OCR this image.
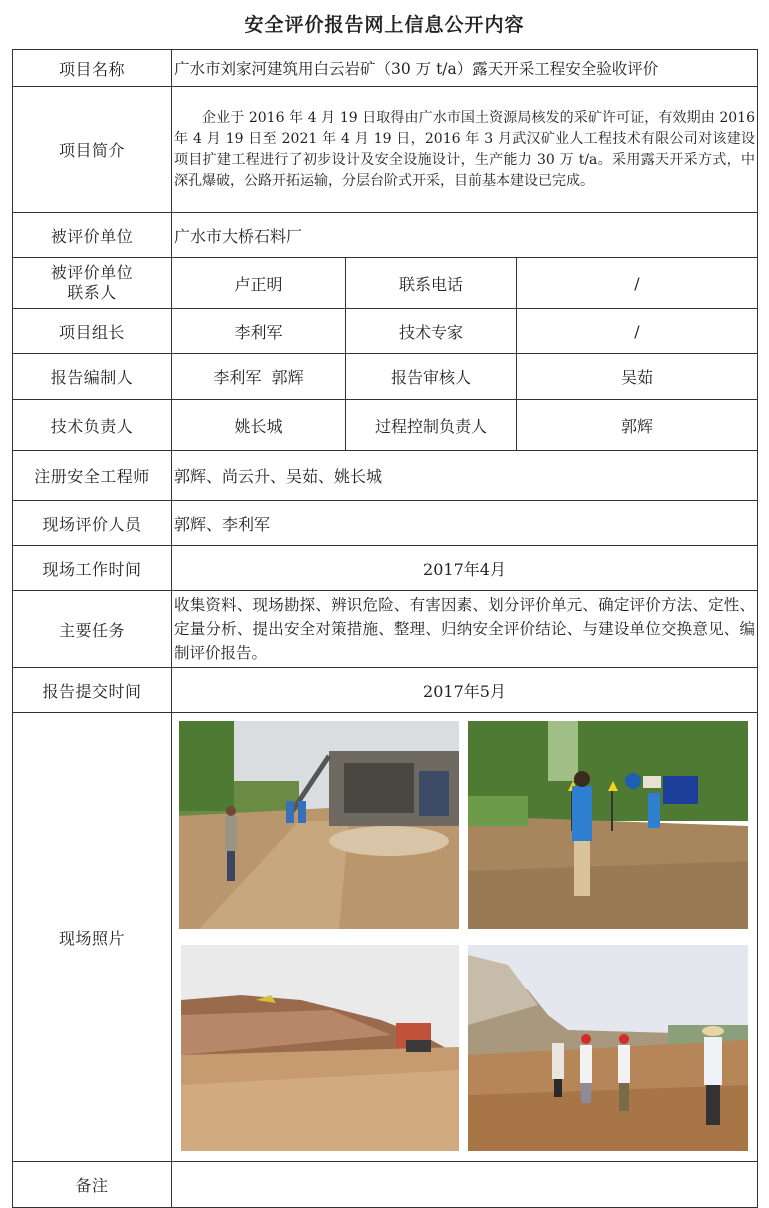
安全评价报告网上信息公开内容
项目名称	广水市刘家河建筑用白云岩矿（30 万 t/a）露天开采工程安全验收评价		
项目简介	企业于 2016 年 4 月 19 日取得由广水市国土资源局核发的采矿许可证，有效期由 2016 年 4 月 19 日至 2021 年 4 月 19 日，2016 年 3 月武汉矿业人工程技术有限公司对该建设项目扩建工程进行了初步设计及安全设施设计，生产能力 30 万 t/a。采用露天开采方式，中深孔爆破，公路开拓运输，分层台阶式开采，目前基本建设已完成。		
被评价单位	广水市大桥石料厂		

被评价单位
联系人	卢正明	联系电话	/
项目组长	李利军	技术专家	/
报告编制人	李利军  郭辉	报告审核人	吴茹
技术负责人	姚长城	过程控制负责人	郭辉
注册安全工程师	郭辉、尚云升、吴茹、姚长城		
现场评价人员	郭辉、李利军		
现场工作时间	2017年4月		
主要任务	收集资料、现场勘探、辨识危险、有害因素、划分评价单元、确定评价方法、定性、定量分析、提出安全对策措施、整理、归纳安全评价结论、与建设单位交换意见、编制评价报告。		
报告提交时间	2017年5月		
现场照片	

备注			
